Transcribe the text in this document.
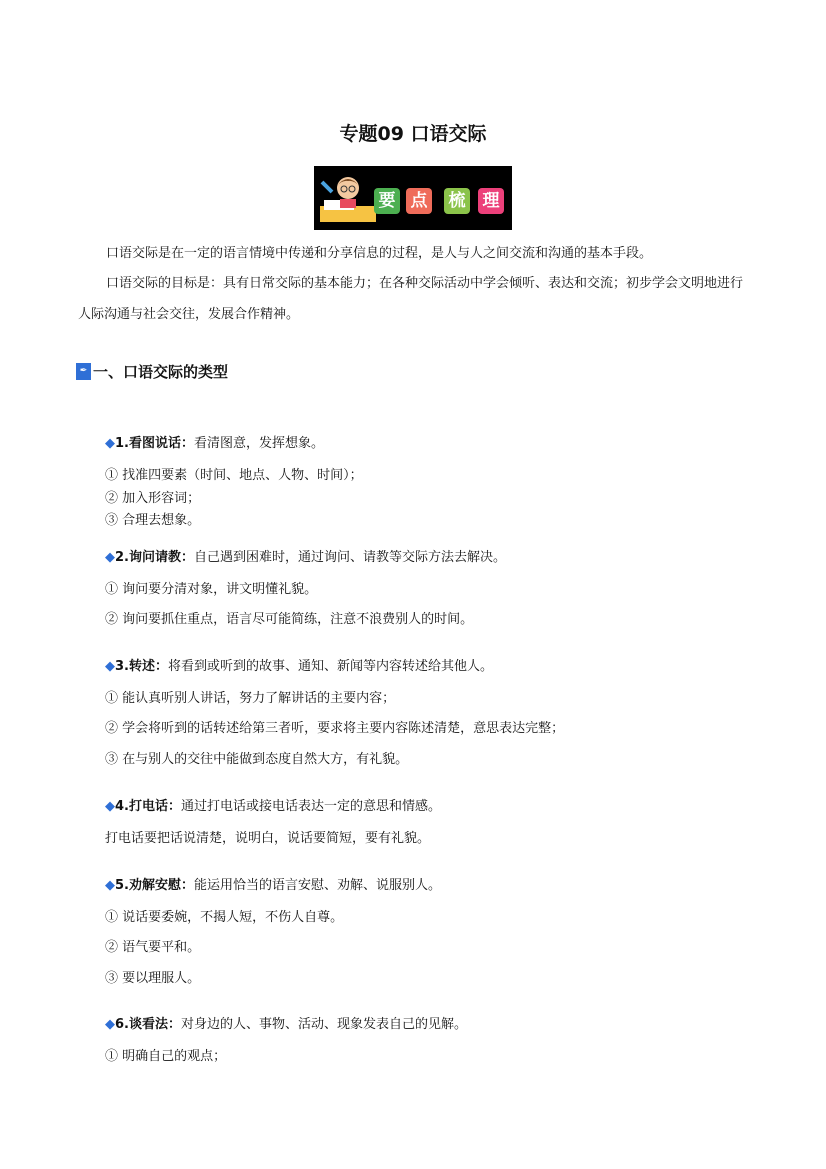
专题09 口语交际
要 点 梳 理
口语交际是在一定的语言情境中传递和分享信息的过程，是人与人之间交流和沟通的基本手段。
口语交际的目标是：具有日常交际的基本能力；在各种交际活动中学会倾听、表达和交流；初步学会文明地进行人际沟通与社会交往，发展合作精神。
✒ 一、口语交际的类型
◆1.看图说话：看清图意，发挥想象。
① 找准四要素（时间、地点、人物、时间）；
② 加入形容词；
③ 合理去想象。
◆2.询问请教：自己遇到困难时，通过询问、请教等交际方法去解决。
① 询问要分清对象，讲文明懂礼貌。
② 询问要抓住重点，语言尽可能简练，注意不浪费别人的时间。
◆3.转述：将看到或听到的故事、通知、新闻等内容转述给其他人。
① 能认真听别人讲话，努力了解讲话的主要内容；
② 学会将听到的话转述给第三者听，要求将主要内容陈述清楚，意思表达完整；
③ 在与别人的交往中能做到态度自然大方，有礼貌。
◆4.打电话：通过打电话或接电话表达一定的意思和情感。
打电话要把话说清楚，说明白，说话要简短，要有礼貌。
◆5.劝解安慰：能运用恰当的语言安慰、劝解、说服别人。
① 说话要委婉，不揭人短，不伤人自尊。
② 语气要平和。
③ 要以理服人。
◆6.谈看法：对身边的人、事物、活动、现象发表自己的见解。
① 明确自己的观点；
